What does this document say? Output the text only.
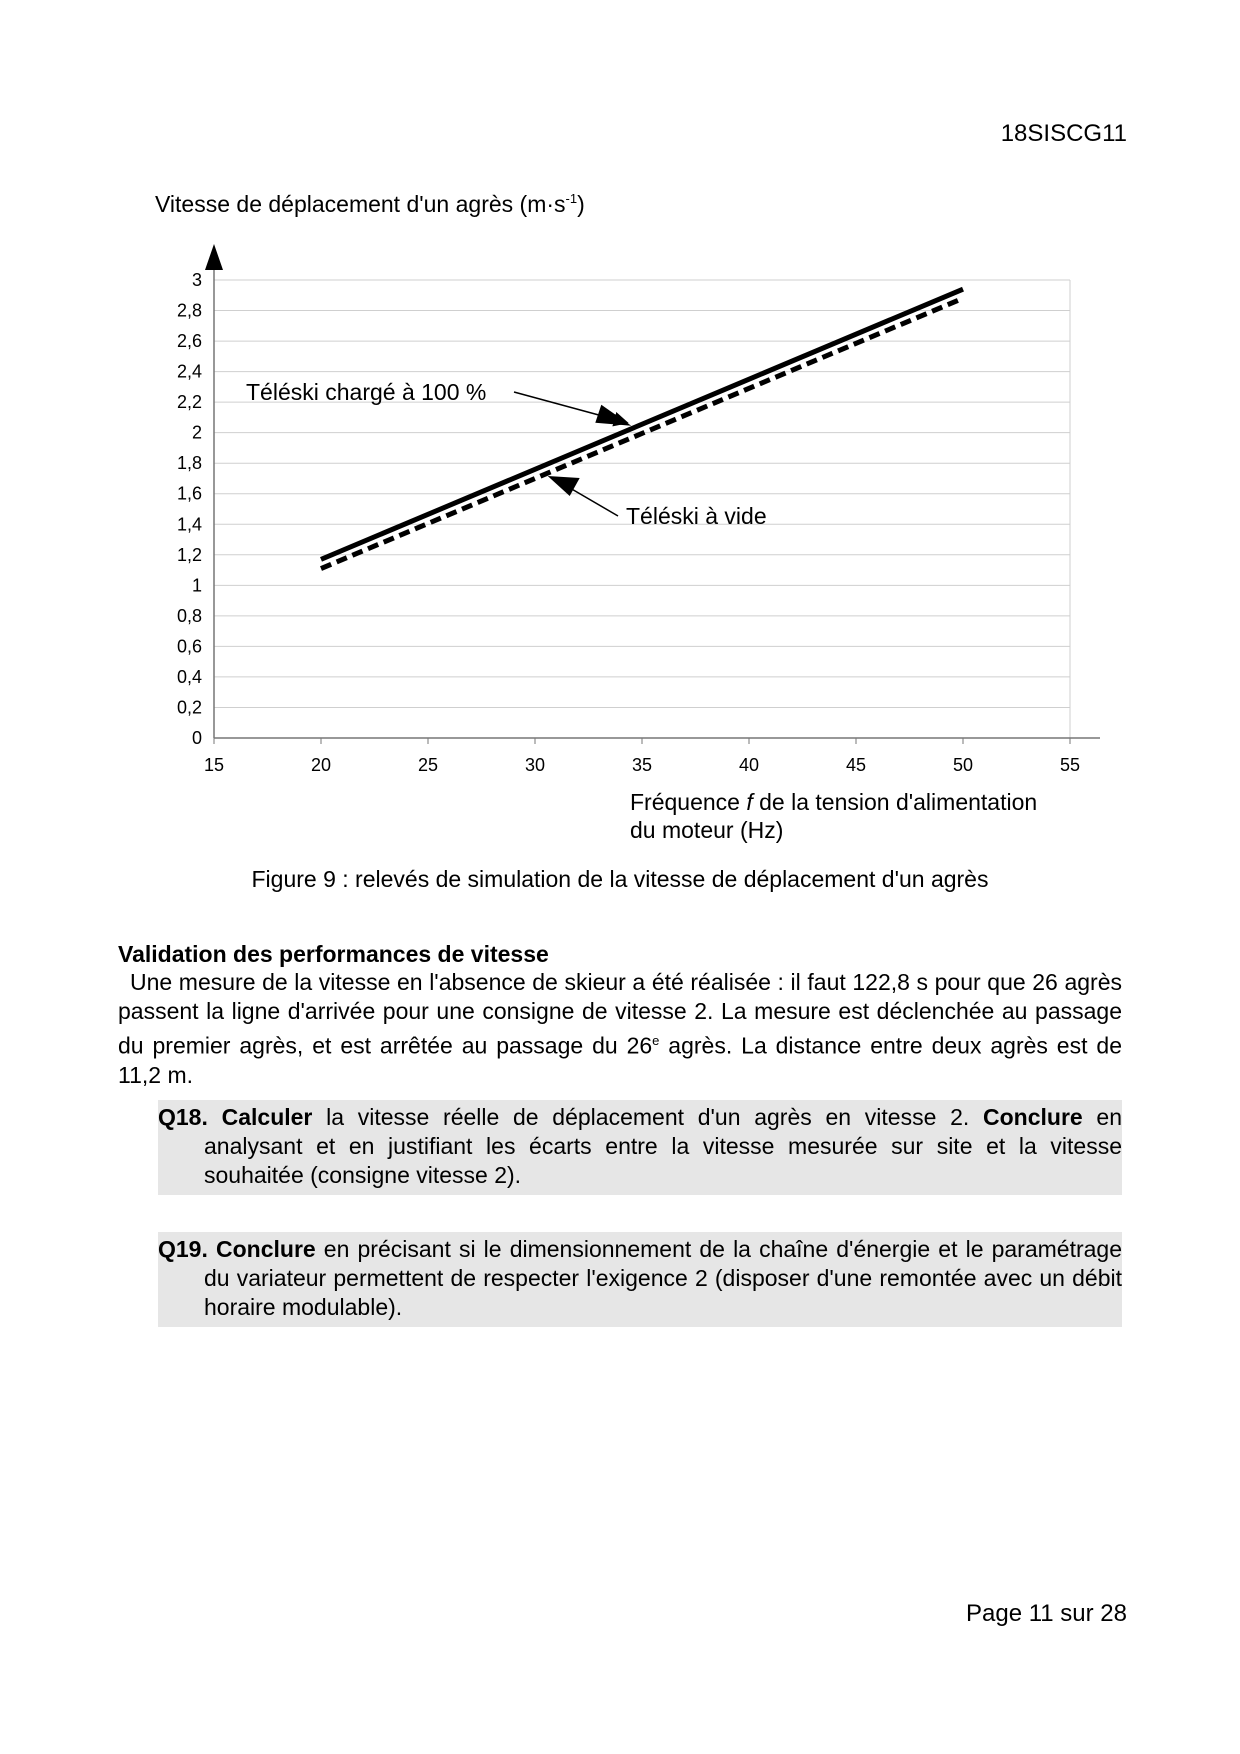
18SISCG11
Vitesse de déplacement d'un agrès $(m\cdot s^{-1})$
0
0,2
0,4
0,6
0,8
1
1,2
1,4
1,6
1,8
2
2,2
2,4
2,6
2,8
3
15	20	25	30	35	40	45	50	55
Téléski chargé à 100 %
Téléski à vide
Fréquence f de la tension d'alimentation
du moteur (Hz)
Figure 9 : relevés de simulation de la vitesse de déplacement d'un agrès
Validation des performances de vitesse
Une mesure de la vitesse en l'absence de skieur a été réalisée : il faut 122,8 s pour que 26 agrès passent la ligne d'arrivée pour une consigne de vitesse 2. La mesure est déclenchée au passage du premier agrès, et est arrêtée au passage du 26e agrès. La distance entre deux agrès est de 11,2 m.
Q18. Calculer la vitesse réelle de déplacement d'un agrès en vitesse 2. Conclure en analysant et en justifiant les écarts entre la vitesse mesurée sur site et la vitesse souhaitée (consigne vitesse 2).
Q19. Conclure en précisant si le dimensionnement de la chaîne d'énergie et le paramétrage du variateur permettent de respecter l'exigence 2 (disposer d'une remontée avec un débit horaire modulable).
Page 11 sur 28
